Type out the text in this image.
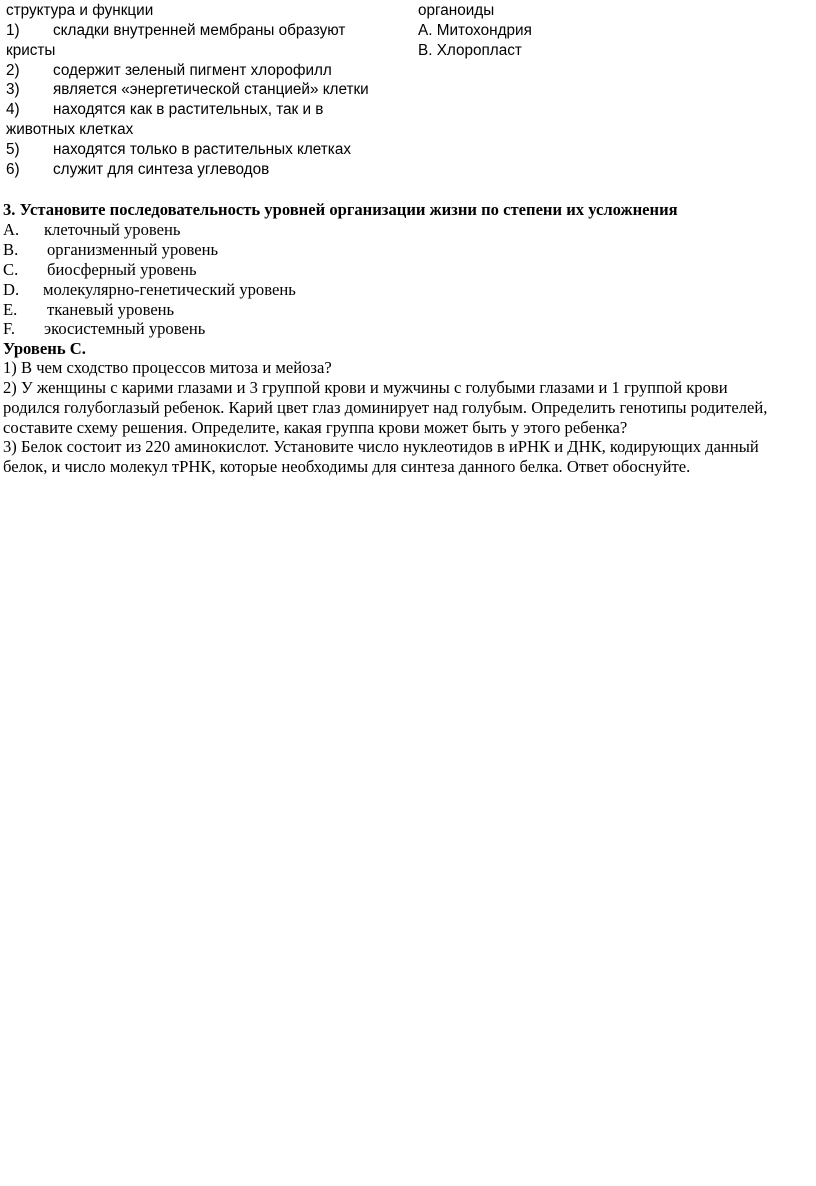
структура и функции
1) складки внутренней мембраны образуют
кристы
2) содержит зеленый пигмент хлорофилл
3) является «энергетической станцией» клетки
4) находятся как в растительных, так и в
животных клетках
5) находятся только в растительных клетках
6) служит для синтеза углеводов
органоиды
А. Митохондрия
В. Хлоропласт
3. Установите последовательность уровней организации жизни по степени их усложнения
A. клеточный уровень
B. организменный уровень
C. биосферный уровень
D. молекулярно-генетический уровень
E. тканевый уровень
F. экосистемный уровень
Уровень С.
1) В чем сходство процессов митоза и мейоза?
2) У женщины с карими глазами и 3 группой крови и мужчины с голубыми глазами и 1 группой крови
родился голубоглазый ребенок. Карий цвет глаз доминирует над голубым. Определить генотипы родителей,
составите схему решения. Определите, какая группа крови может быть у этого ребенка?
3) Белок состоит из 220 аминокислот. Установите число нуклеотидов в иРНК и ДНК, кодирующих данный
белок, и число молекул тРНК, которые необходимы для синтеза данного белка. Ответ обоснуйте.
